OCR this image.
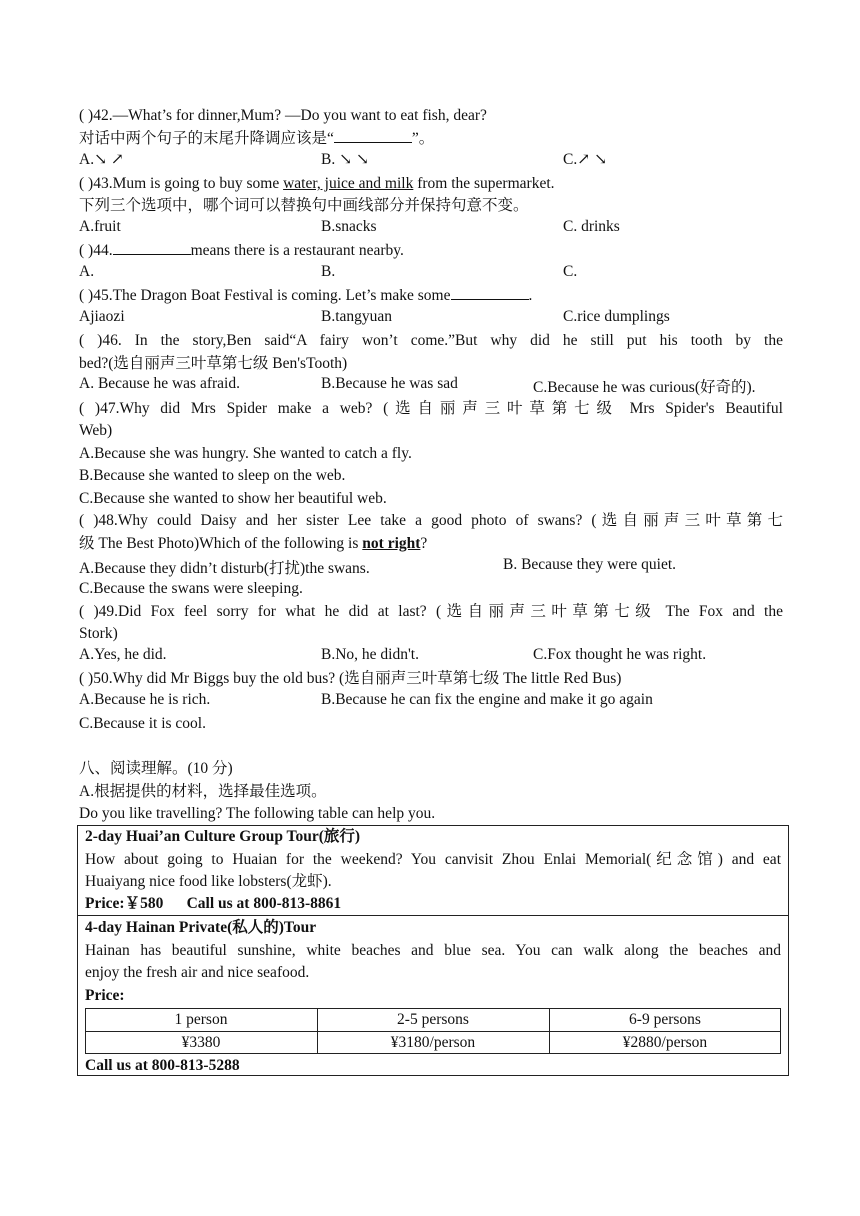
( )42.—What’s for dinner,Mum? —Do you want to eat fish, dear?
对话中两个句子的末尾升降调应该是“	”。
A.↘ ↗	B. ↘ ↘	C.↗ ↘
( )43.Mum is going to buy some water, juice and milk from the supermarket.
下列三个选项中，哪个词可以替换句中画线部分并保持句意不变。
A.fruit	B.snacks	C. drinks
( )44.	means there is a restaurant nearby.
A.	B.	C.
( )45.The Dragon Boat Festival is coming. Let’s make some	.
Ajiaozi	B.tangyuan	C.rice dumplings
( )46. In the story,Ben said“A fairy won’t come.”But why did he still put his tooth by the
bed?(选自丽声三叶草第七级 Ben'sTooth)
A. Because he was afraid.	B.Because he was sad	C.Because he was curious(好奇的).
( )47.Why did Mrs Spider make a web? (选自丽声三叶草第七级 Mrs Spider's Beautiful
Web)
A.Because she was hungry. She wanted to catch a fly.
B.Because she wanted to sleep on the web.
C.Because she wanted to show her beautiful web.
( )48.Why could Daisy and her sister Lee take a good photo of swans? (选自丽声三叶草第七
级 The Best Photo)Which of the following is not right?
A.Because they didn’t disturb(打扰)the swans.	B. Because they were quiet.
C.Because the swans were sleeping.
( )49.Did Fox feel sorry for what he did at last? (选自丽声三叶草第七级 The Fox and the
Stork)
A.Yes, he did.	B.No, he didn't.	C.Fox thought he was right.
( )50.Why did Mr Biggs buy the old bus? (选自丽声三叶草第七级 The little Red Bus)
A.Because he is rich.	B.Because he can fix the engine and make it go again
C.Because it is cool.
八、阅读理解。(10 分)
A.根据提供的材料，选择最佳选项。
Do you like travelling? The following table can help you.
2-day Huai’an Culture Group Tour(旅行)
How about going to Huaian for the weekend? You canvisit Zhou Enlai Memorial(纪念馆) and eat
Huaiyang nice food like lobsters(龙虾).
Price:￥580      Call us at 800-813-8861
4-day Hainan Private(私人的)Tour
Hainan has beautiful sunshine, white beaches and blue sea. You can walk along the beaches and
enjoy the fresh air and nice seafood.
Price:
1 person	2-5 persons	6-9 persons
¥3380	¥3180/person	¥2880/person
Call us at 800-813-5288
